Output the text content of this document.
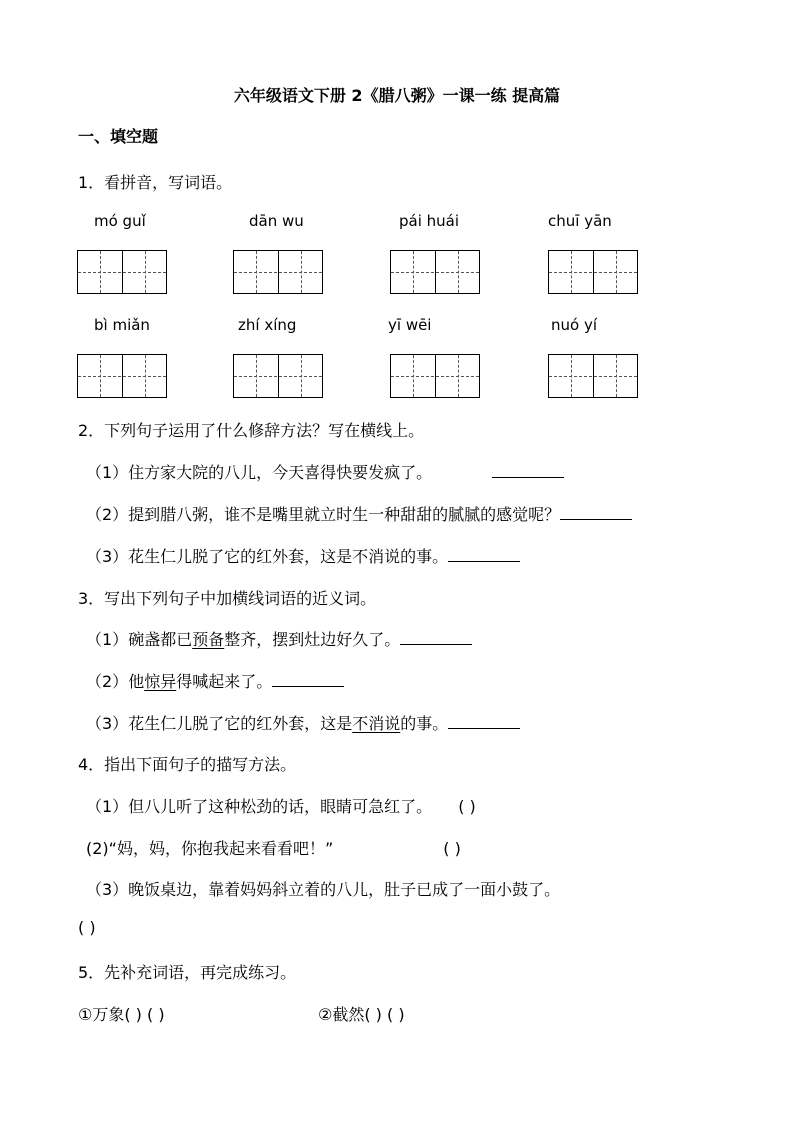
六年级语文下册 2《腊八粥》一课一练 提高篇
一、填空题
1．看拼音，写词语。
mó guǐ	dān wu	pái huái	chuī yān
bì miǎn	zhí xíng	yī wēi	nuó yí
2．下列句子运用了什么修辞方法？写在横线上。
（1）住方家大院的八儿，今天喜得快要发疯了。
（2）提到腊八粥，谁不是嘴里就立时生一种甜甜的腻腻的感觉呢？
（3）花生仁儿脱了它的红外套，这是不消说的事。
3．写出下列句子中加横线词语的近义词。
（1）碗盏都已预备整齐，摆到灶边好久了。
（2）他惊异得喊起来了。
（3）花生仁儿脱了它的红外套，这是不消说的事。
4．指出下面句子的描写方法。
（1）但八儿听了这种松劲的话，眼睛可急红了。 ( )
(2)“妈，妈，你抱我起来看看吧！”	( )
（3）晚饭桌边，靠着妈妈斜立着的八儿，肚子已成了一面小鼓了。
( )
5．先补充词语，再完成练习。
①万象( ) ( )	②截然( ) ( )
